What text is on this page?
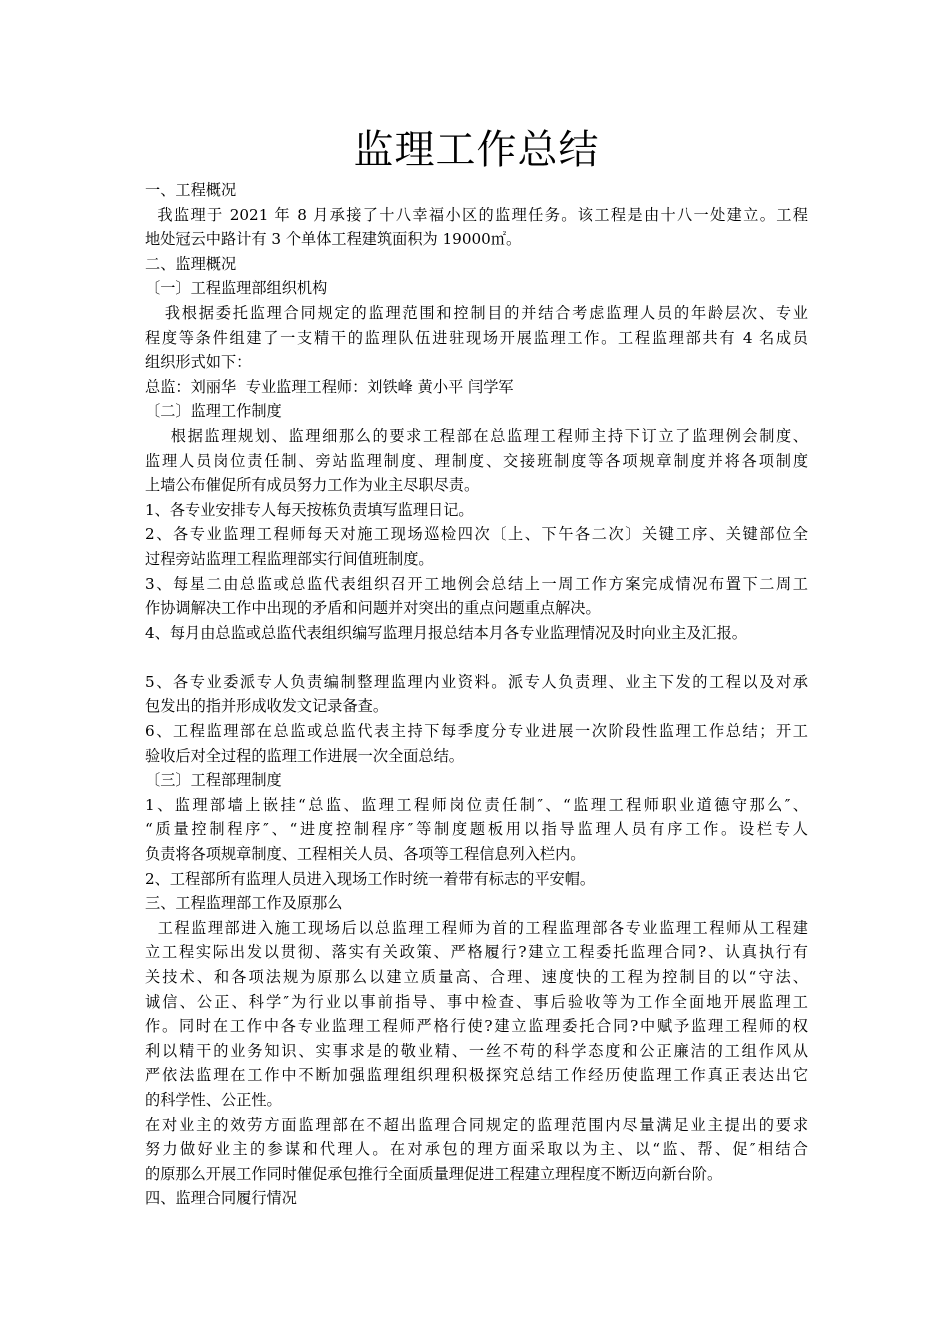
监理工作总结
一、工程概况
我监理于 2021 年 8 月承接了十八幸福小区的监理任务。该工程是由十八一处建立。工程
地处冠云中路计有 3 个单体工程建筑面积为 19000㎡。
二、监理概况
〔一〕工程监理部组织机构
我根据委托监理合同规定的监理范围和控制目的并结合考虑监理人员的年龄层次、专业
程度等条件组建了一支精干的监理队伍进驻现场开展监理工作。工程监理部共有 4 名成员
组织形式如下：
总监：刘丽华  专业监理工程师：刘铁峰 黄小平 闫学军
〔二〕监理工作制度
根据监理规划、监理细那么的要求工程部在总监理工程师主持下订立了监理例会制度、
监理人员岗位责任制、旁站监理制度、理制度、交接班制度等各项规章制度并将各项制度
上墙公布催促所有成员努力工作为业主尽职尽责。
1、各专业安排专人每天按栋负责填写监理日记。
2、各专业监理工程师每天对施工现场巡检四次〔上、下午各二次〕关键工序、关键部位全
过程旁站监理工程监理部实行间值班制度。
3、每星二由总监或总监代表组织召开工地例会总结上一周工作方案完成情况布置下二周工
作协调解决工作中出现的矛盾和问题并对突出的重点问题重点解决。
4、每月由总监或总监代表组织编写监理月报总结本月各专业监理情况及时向业主及汇报。
5、各专业委派专人负责编制整理监理内业资料。派专人负责理、业主下发的工程以及对承
包发出的指并形成收发文记录备查。
6、工程监理部在总监或总监代表主持下每季度分专业进展一次阶段性监理工作总结；开工
验收后对全过程的监理工作进展一次全面总结。
〔三〕工程部理制度
1、监理部墙上嵌挂“总监、监理工程师岗位责任制″、“监理工程师职业道德守那么″、
“质量控制程序″、“进度控制程序″等制度题板用以指导监理人员有序工作。设栏专人
负责将各项规章制度、工程相关人员、各项等工程信息列入栏内。
2、工程部所有监理人员进入现场工作时统一着带有标志的平安帽。
三、工程监理部工作及原那么
工程监理部进入施工现场后以总监理工程师为首的工程监理部各专业监理工程师从工程建
立工程实际出发以贯彻、落实有关政策、严格履行?建立工程委托监理合同?、认真执行有
关技术、和各项法规为原那么以建立质量高、合理、速度快的工程为控制目的以“守法、
诚信、公正、科学″为行业以事前指导、事中检查、事后验收等为工作全面地开展监理工
作。同时在工作中各专业监理工程师严格行使?建立监理委托合同?中赋予监理工程师的权
利以精干的业务知识、实事求是的敬业精、一丝不苟的科学态度和公正廉洁的工组作风从
严依法监理在工作中不断加强监理组织理积极探究总结工作经历使监理工作真正表达出它
的科学性、公正性。
在对业主的效劳方面监理部在不超出监理合同规定的监理范围内尽量满足业主提出的要求
努力做好业主的参谋和代理人。在对承包的理方面采取以为主、以“监、帮、促″相结合
的原那么开展工作同时催促承包推行全面质量理促进工程建立理程度不断迈向新台阶。
四、监理合同履行情况
